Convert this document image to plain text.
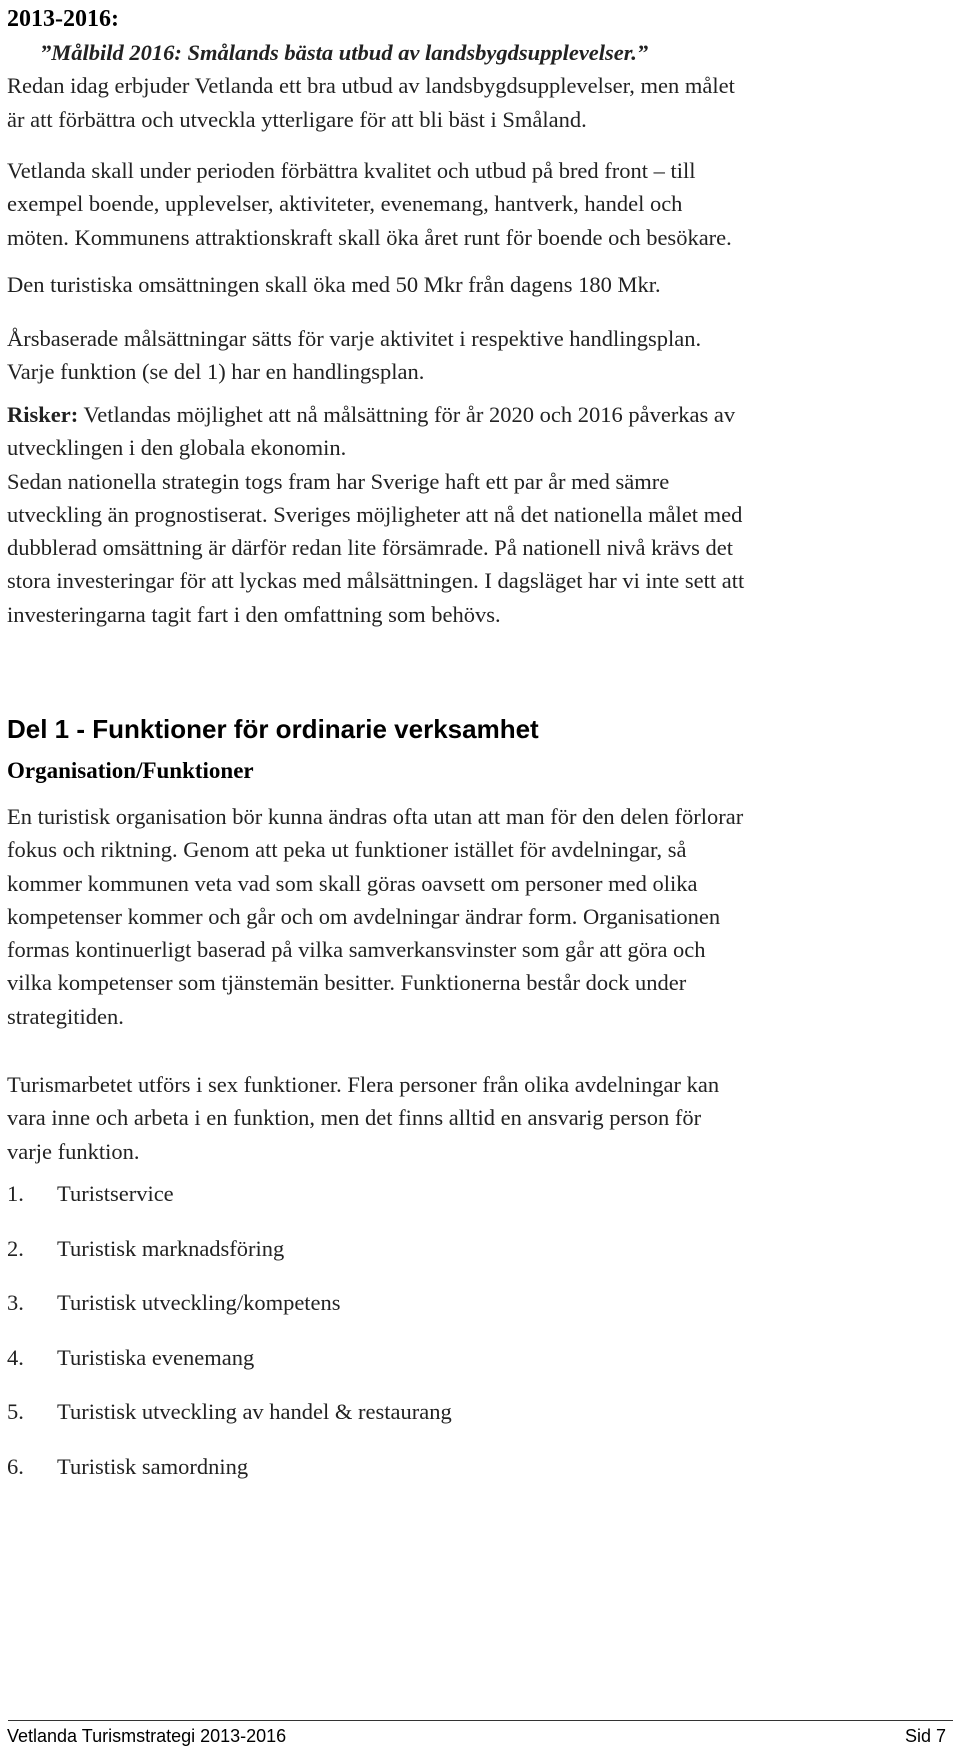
2013-2016:
”Målbild 2016: Smålands bästa utbud av landsbygdsupplevelser.”
Redan idag erbjuder Vetlanda ett bra utbud av landsbygdsupplevelser, men målet
är att förbättra och utveckla ytterligare för att bli bäst i Småland.
Vetlanda skall under perioden förbättra kvalitet och utbud på bred front – till
exempel boende, upplevelser, aktiviteter, evenemang, hantverk, handel och
möten. Kommunens attraktionskraft skall öka året runt för boende och besökare.
Den turistiska omsättningen skall öka med 50 Mkr från dagens 180 Mkr.
Årsbaserade målsättningar sätts för varje aktivitet i respektive handlingsplan.
Varje funktion (se del 1) har en handlingsplan.
Risker: Vetlandas möjlighet att nå målsättning för år 2020 och 2016 påverkas av
utvecklingen i den globala ekonomin.
Sedan nationella strategin togs fram har Sverige haft ett par år med sämre
utveckling än prognostiserat. Sveriges möjligheter att nå det nationella målet med
dubblerad omsättning är därför redan lite försämrade. På nationell nivå krävs det
stora investeringar för att lyckas med målsättningen. I dagsläget har vi inte sett att
investeringarna tagit fart i den omfattning som behövs.
Del 1 - Funktioner för ordinarie verksamhet
Organisation/Funktioner
En turistisk organisation bör kunna ändras ofta utan att man för den delen förlorar
fokus och riktning. Genom att peka ut funktioner istället för avdelningar, så
kommer kommunen veta vad som skall göras oavsett om personer med olika
kompetenser kommer och går och om avdelningar ändrar form. Organisationen
formas kontinuerligt baserad på vilka samverkansvinster som går att göra och
vilka kompetenser som tjänstemän besitter. Funktionerna består dock under
strategitiden.
Turismarbetet utförs i sex funktioner. Flera personer från olika avdelningar kan
vara inne och arbeta i en funktion, men det finns alltid en ansvarig person för
varje funktion.
1. Turistservice
2. Turistisk marknadsföring
3. Turistisk utveckling/kompetens
4. Turistiska evenemang
5. Turistisk utveckling av handel & restaurang
6. Turistisk samordning
Vetlanda Turismstrategi 2013-2016	Sid 7
